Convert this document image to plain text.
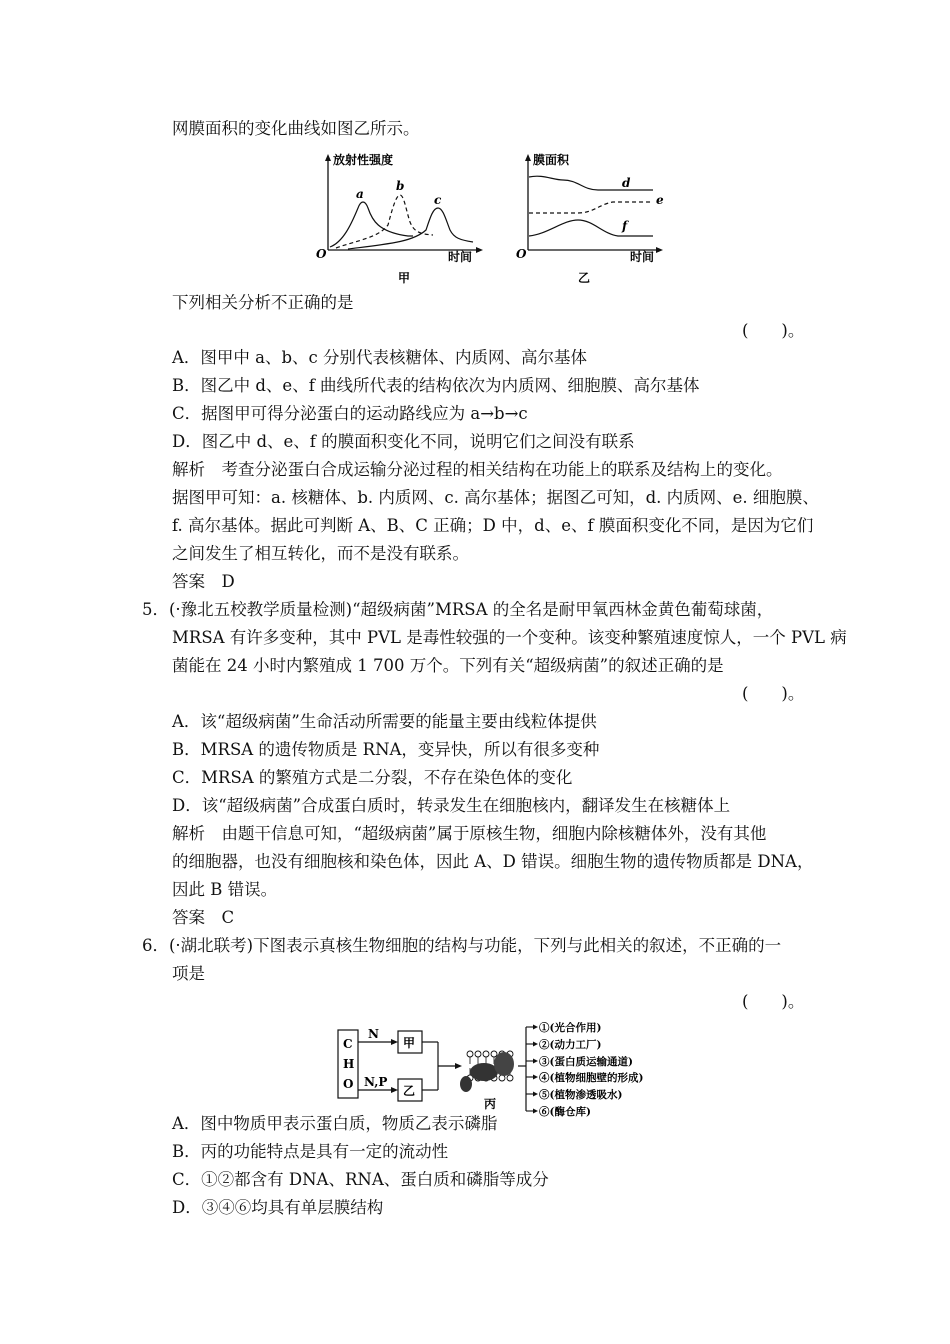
网膜面积的变化曲线如图乙所示。
放射性强度
时间
O
a
b
c
甲
膜面积
时间
O
d
e
f
乙
下列相关分析不正确的是
(　　)。
A．图甲中 a、b、c 分别代表核糖体、内质网、高尔基体
B．图乙中 d、e、f 曲线所代表的结构依次为内质网、细胞膜、高尔基体
C．据图甲可得分泌蛋白的运动路线应为 a→b→c
D．图乙中 d、e、f 的膜面积变化不同，说明它们之间没有联系
解析　考查分泌蛋白合成运输分泌过程的相关结构在功能上的联系及结构上的变化。
据图甲可知：a. 核糖体、b. 内质网、c. 高尔基体；据图乙可知，d. 内质网、e. 细胞膜、
f. 高尔基体。据此可判断 A、B、C 正确；D 中，d、e、f 膜面积变化不同，是因为它们
之间发生了相互转化，而不是没有联系。
答案　D
5．(·豫北五校教学质量检测)“超级病菌”MRSA 的全名是耐甲氧西林金黄色葡萄球菌，
MRSA 有许多变种，其中 PVL 是毒性较强的一个变种。该变种繁殖速度惊人，一个 PVL 病
菌能在 24 小时内繁殖成 1 700 万个。下列有关“超级病菌”的叙述正确的是
(　　)。
A．该“超级病菌”生命活动所需要的能量主要由线粒体提供
B．MRSA 的遗传物质是 RNA，变异快，所以有很多变种
C．MRSA 的繁殖方式是二分裂，不存在染色体的变化
D．该“超级病菌”合成蛋白质时，转录发生在细胞核内，翻译发生在核糖体上
解析　由题干信息可知，“超级病菌”属于原核生物，细胞内除核糖体外，没有其他
的细胞器，也没有细胞核和染色体，因此 A、D 错误。细胞生物的遗传物质都是 DNA，
因此 B 错误。
答案　C
6．(·湖北联考)下图表示真核生物细胞的结构与功能，下列与此相关的叙述，不正确的一
项是
(　　)。
C
H
O
N
N,P
甲
乙
丙
①(光合作用)
②(动力工厂)
③(蛋白质运输通道)
④(植物细胞壁的形成)
⑤(植物渗透吸水)
⑥(酶仓库)
A．图中物质甲表示蛋白质，物质乙表示磷脂
B．丙的功能特点是具有一定的流动性
C．①②都含有 DNA、RNA、蛋白质和磷脂等成分
D．③④⑥均具有单层膜结构
